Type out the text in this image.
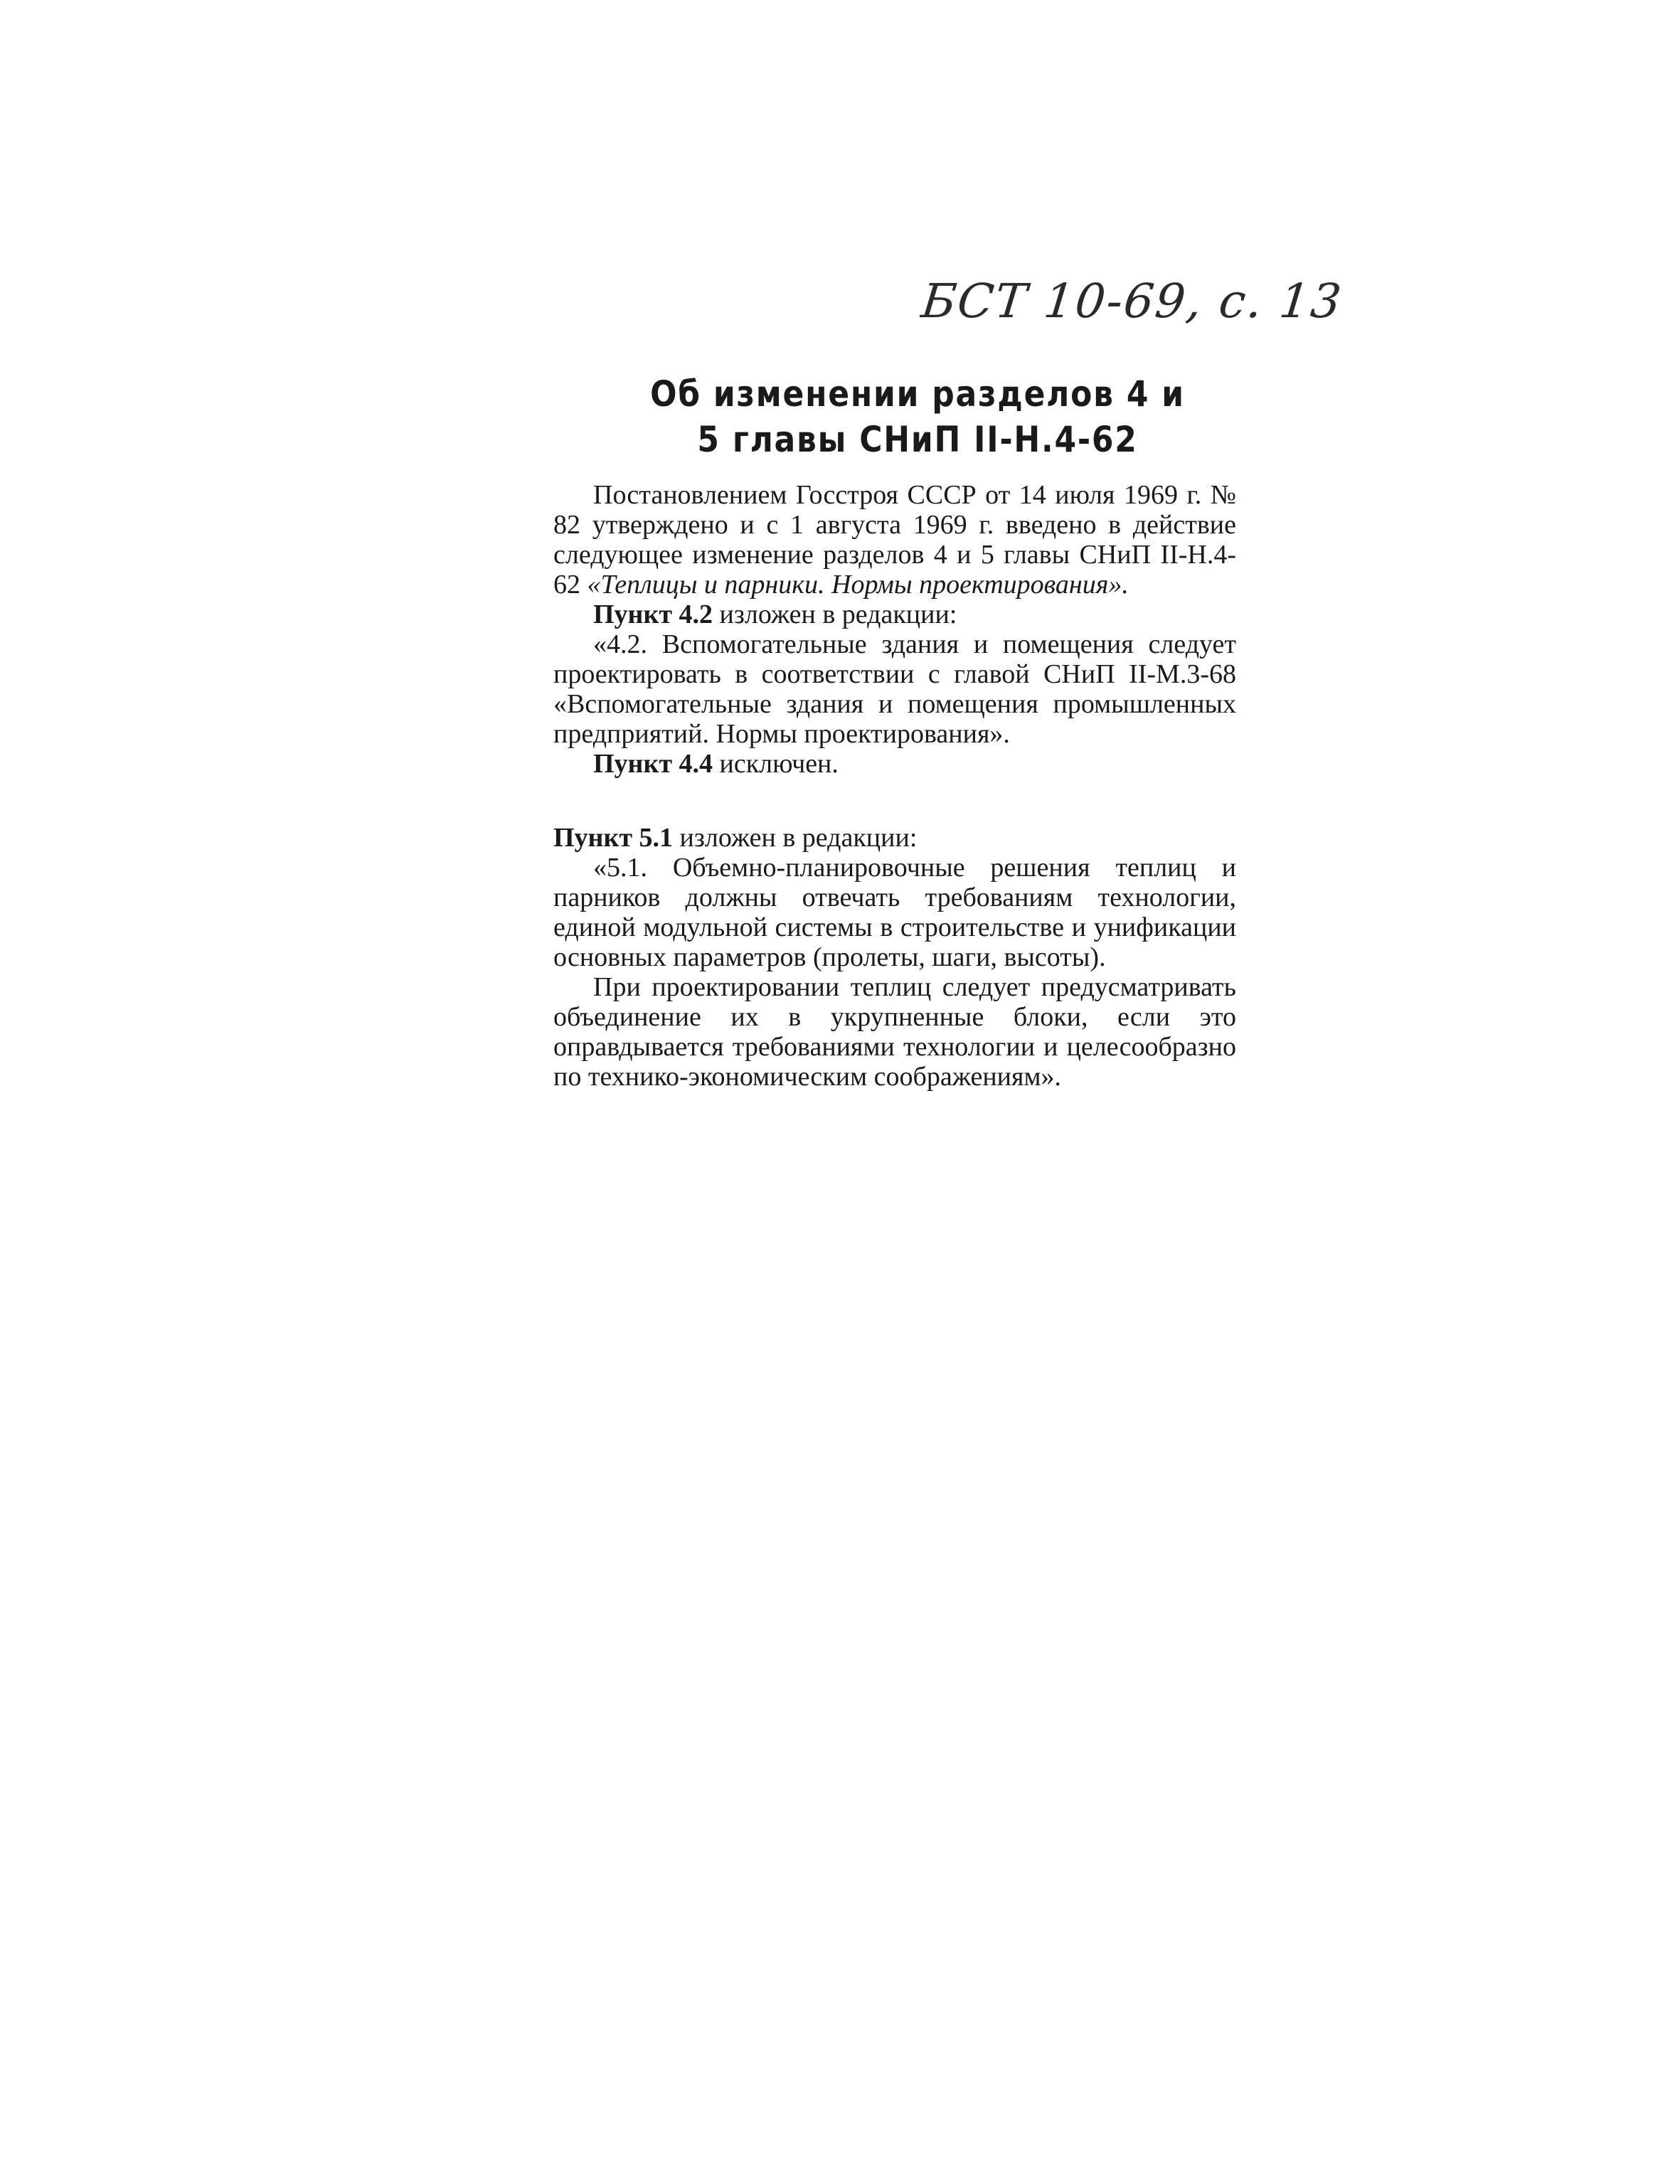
БСТ 10-69, с. 13
Об изменении разделов 4 и
5 главы СНиП II-Н.4-62

Постановлением Госстроя СССР от 14 июля 1969 г. № 82 утверждено и с 1 августа 1969 г. введено в действие следующее изменение разделов 4 и 5 главы СНиП II-Н.4-62 «Теплицы и парники. Нормы проектирования».

Пункт 4.2 изложен в редакции:

«4.2. Вспомогательные здания и помещения следует проектировать в соответствии с главой СНиП II-М.3-68 «Вспомогательные здания и помещения промышленных предприятий. Нормы проектирования».

Пункт 4.4 исключен.

Пункт 5.1 изложен в редакции:

«5.1. Объемно-планировочные решения теплиц и парников должны отвечать требованиям технологии, единой модульной системы в строительстве и унификации основных параметров (пролеты, шаги, высоты).

При проектировании теплиц следует предусматривать объединение их в укрупненные блоки, если это оправдывается требованиями технологии и целесообразно по технико-экономическим соображениям».
